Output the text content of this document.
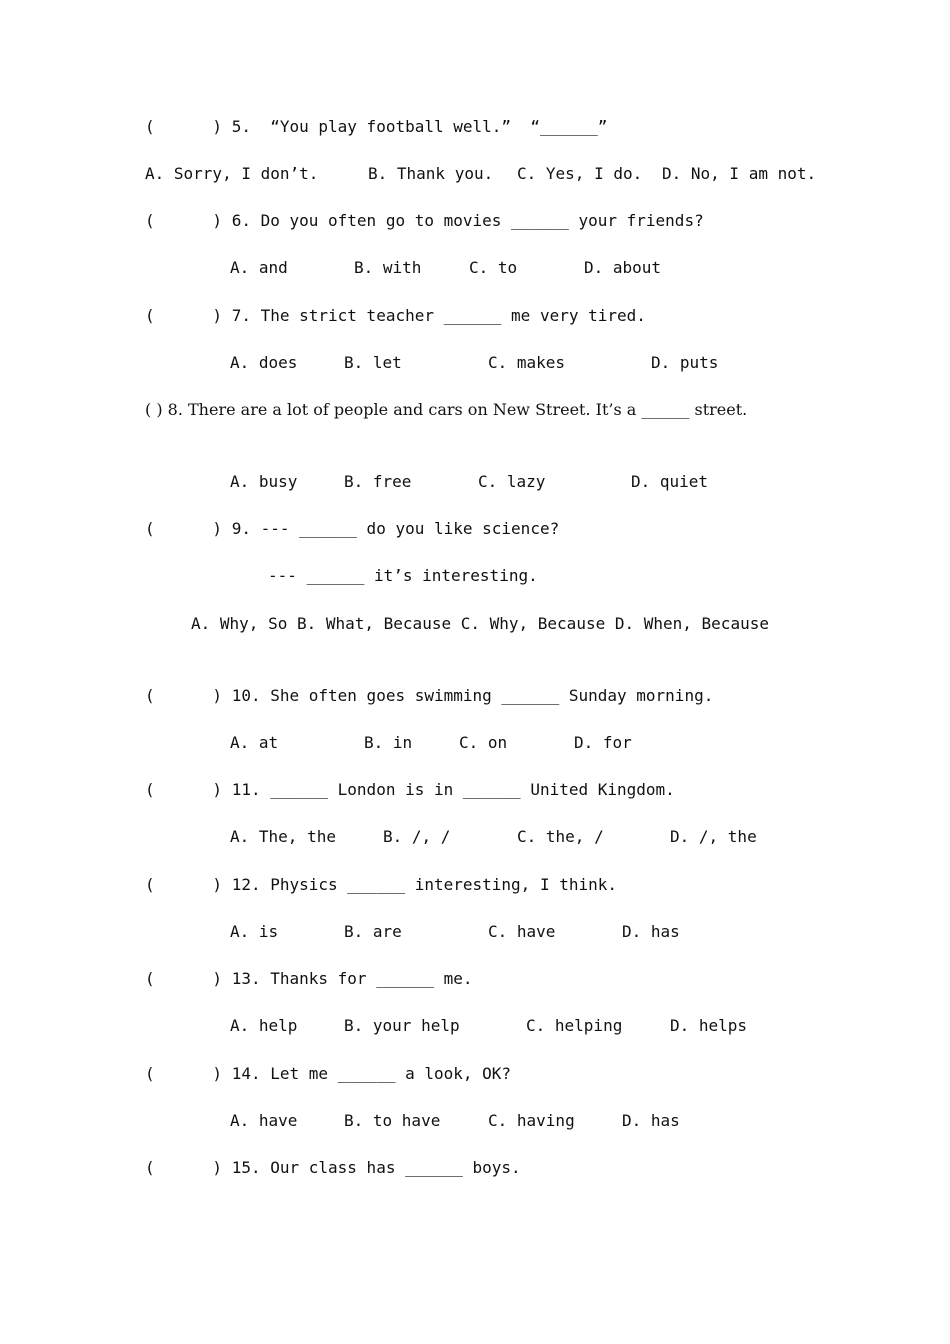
(      ) 5.  “You play football well.”  “______”

A. Sorry, I don’t.

	B. Thank you.

C. Yes, I do.

D. No, I am not.

(      ) 6. Do you often go to movies ______ your friends?

A. and

	B. with

	C. to

	D. about

(      ) 7. The strict teacher ______ me very tired.

A. does

	B. let

	C. makes

	D. puts

( ) 8. There are a lot of people and cars on New Street. It’s a ______ street.

A. busy

	B. free

	C. lazy

	D. quiet

(      ) 9. --- ______ do you like science?
--- ______ it’s interesting.
A. Why, So B. What, Because C. Why, Because D. When, Because
(      ) 10. She often goes swimming ______ Sunday morning.

A. at

	B. in

	C. on

	D. for

(      ) 11. ______ London is in ______ United Kingdom.

A. The, the

	B. /, /

	C. the, /

	D. /, the

(      ) 12. Physics ______ interesting, I think.

A. is

	B. are

	C. have

	D. has

(      ) 13. Thanks for ______ me.

A. help

	B. your help

	C. helping

	D. helps

(      ) 14. Let me ______ a look, OK?

A. have

	B. to have

	C. having

	D. has

(      ) 15. Our class has ______ boys.
